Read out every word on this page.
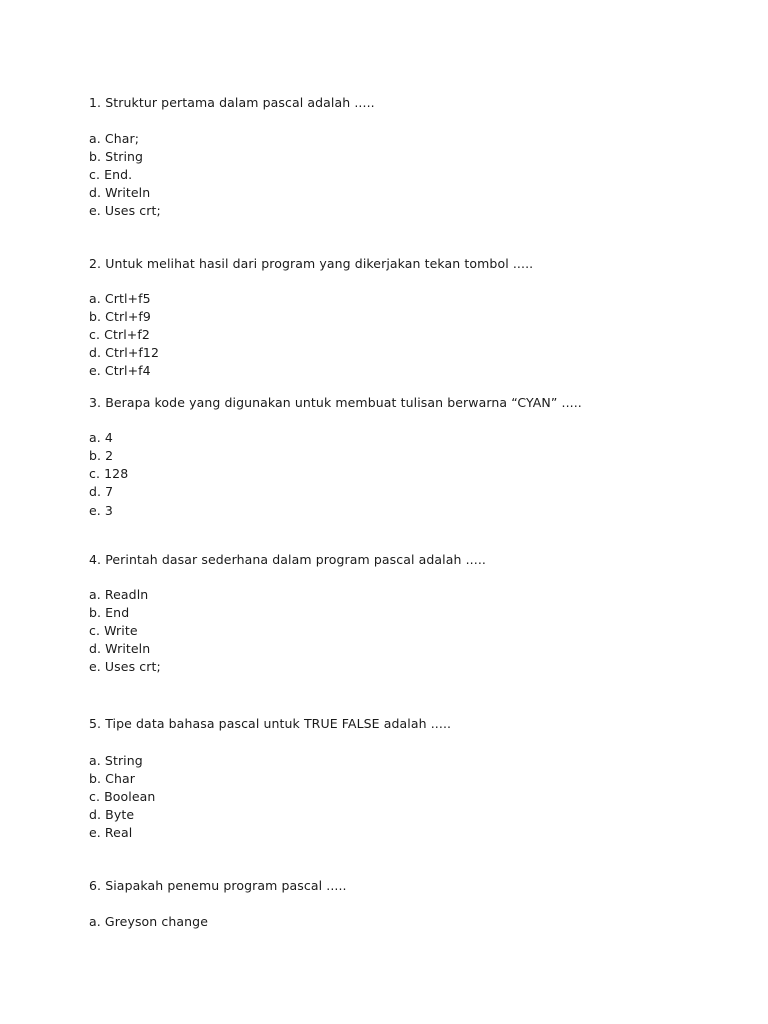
1. Struktur pertama dalam pascal adalah .....
a. Char;
b. String
c. End.
d. Writeln
e. Uses crt;
2. Untuk melihat hasil dari program yang dikerjakan tekan tombol .....
a. Crtl+f5
b. Ctrl+f9
c. Ctrl+f2
d. Ctrl+f12
e. Ctrl+f4
3. Berapa kode yang digunakan untuk membuat tulisan berwarna “CYAN” .....
a. 4
b. 2
c. 128
d. 7
e. 3
4. Perintah dasar sederhana dalam program pascal adalah .....
a. Readln
b. End
c. Write
d. Writeln
e. Uses crt;
5. Tipe data bahasa pascal untuk TRUE FALSE adalah .....
a. String
b. Char
c. Boolean
d. Byte
e. Real
6. Siapakah penemu program pascal .....
a. Greyson change
